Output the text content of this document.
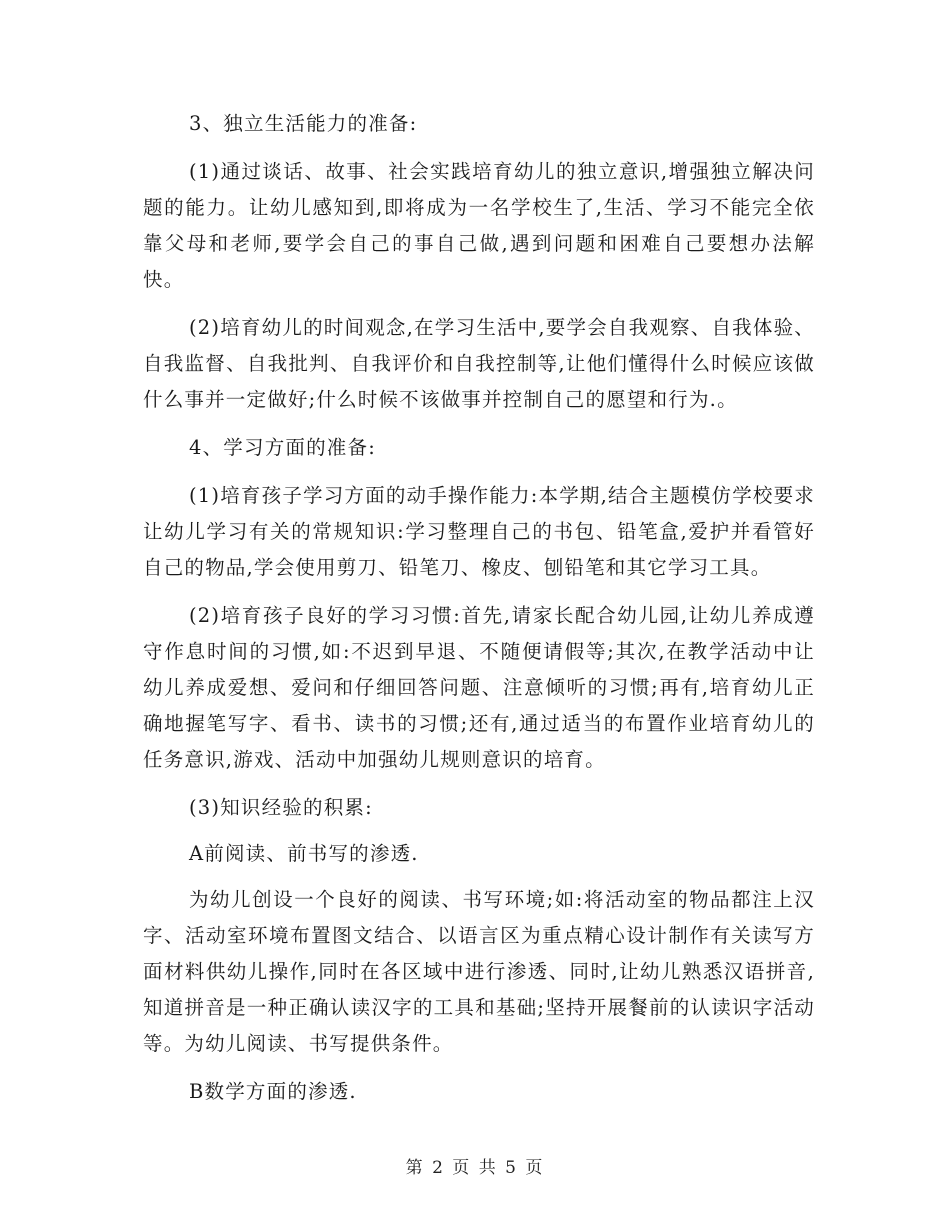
3、独立生活能力的准备:

(1)通过谈话、故事、社会实践培育幼儿的独立意识,增强独立解决问题的能力。让幼儿感知到,即将成为一名学校生了,生活、学习不能完全依靠父母和老师,要学会自己的事自己做,遇到问题和困难自己要想办法解快。

(2)培育幼儿的时间观念,在学习生活中,要学会自我观察、自我体验、自我监督、自我批判、自我评价和自我控制等,让他们懂得什么时候应该做什么事并一定做好;什么时候不该做事并控制自己的愿望和行为.。

4、学习方面的准备:

(1)培育孩子学习方面的动手操作能力:本学期,结合主题模仿学校要求让幼儿学习有关的常规知识:学习整理自己的书包、铅笔盒,爱护并看管好自己的物品,学会使用剪刀、铅笔刀、橡皮、刨铅笔和其它学习工具。

(2)培育孩子良好的学习习惯:首先,请家长配合幼儿园,让幼儿养成遵守作息时间的习惯,如:不迟到早退、不随便请假等;其次,在教学活动中让幼儿养成爱想、爱问和仔细回答问题、注意倾听的习惯;再有,培育幼儿正确地握笔写字、看书、读书的习惯;还有,通过适当的布置作业培育幼儿的任务意识,游戏、活动中加强幼儿规则意识的培育。

(3)知识经验的积累:

A前阅读、前书写的渗透.

为幼儿创设一个良好的阅读、书写环境;如:将活动室的物品都注上汉字、活动室环境布置图文结合、以语言区为重点精心设计制作有关读写方面材料供幼儿操作,同时在各区域中进行渗透、同时,让幼儿熟悉汉语拼音,知道拼音是一种正确认读汉字的工具和基础;坚持开展餐前的认读识字活动等。为幼儿阅读、书写提供条件。

B数学方面的渗透.

第 2 页 共 5 页
